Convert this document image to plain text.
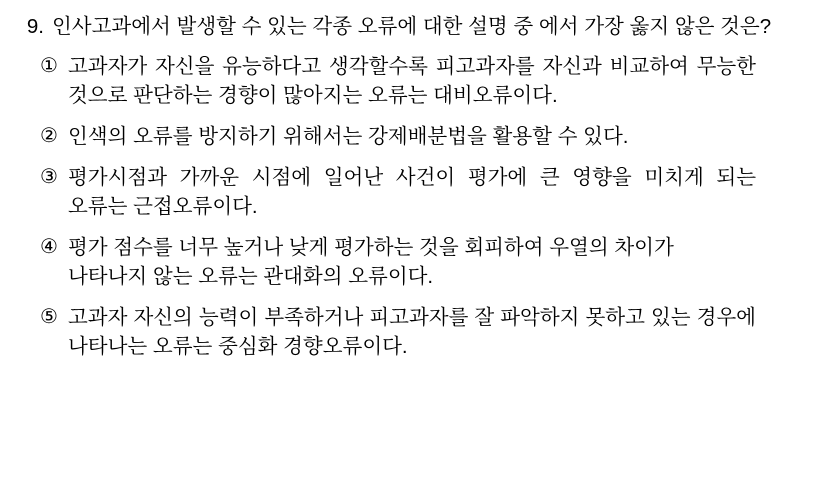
9. 인사고과에서 발생할 수 있는 각종 오류에 대한 설명 중 에서 가장 옳지 않은 것은?
① 고과자가 자신을 유능하다고 생각할수록 피고과자를 자신과 비교하여 무능한 것으로 판단하는 경향이 많아지는 오류는 대비오류이다.
② 인색의 오류를 방지하기 위해서는 강제배분법을 활용할 수 있다.
③ 평가시점과 가까운 시점에 일어난 사건이 평가에 큰 영향을 미치게 되는 오류는 근접오류이다.
④ 평가 점수를 너무 높거나 낮게 평가하는 것을 회피하여 우열의 차이가 나타나지 않는 오류는 관대화의 오류이다.
⑤ 고과자 자신의 능력이 부족하거나 피고과자를 잘 파악하지 못하고 있는 경우에 나타나는 오류는 중심화 경향오류이다.
